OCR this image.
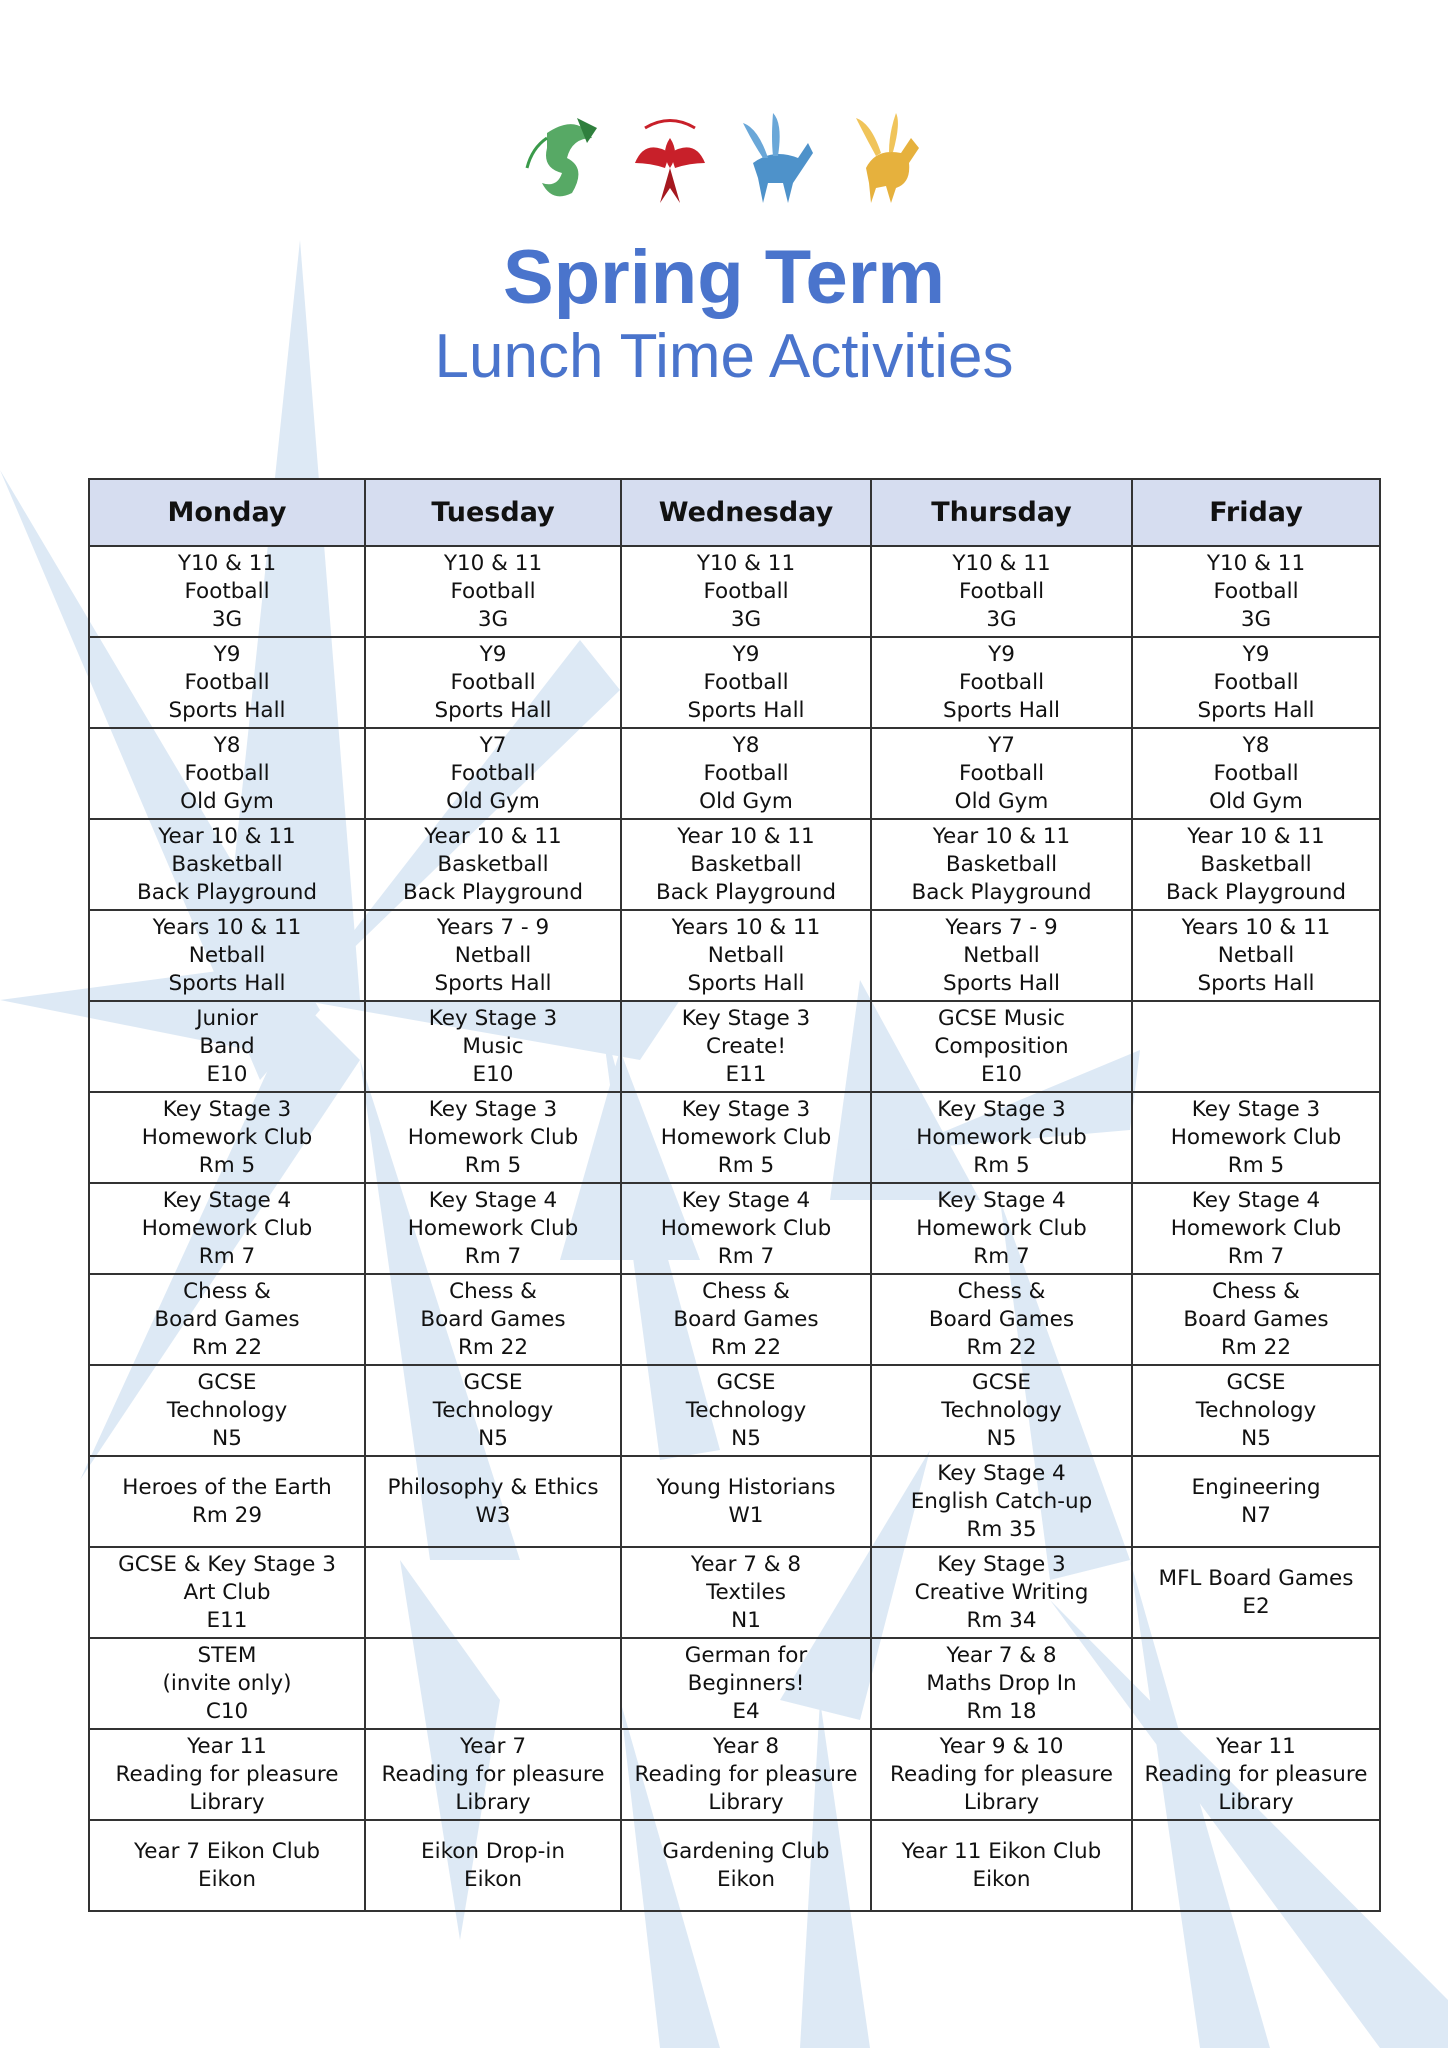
Spring Term
Lunch Time Activities
Monday	Tuesday	Wednesday	Thursday	Friday

Y10 & 11
Football
3G	Y10 & 11
Football
3G	Y10 & 11
Football
3G	Y10 & 11
Football
3G	Y10 & 11
Football
3G

Y9
Football
Sports Hall	Y9
Football
Sports Hall	Y9
Football
Sports Hall	Y9
Football
Sports Hall	Y9
Football
Sports Hall

Y8
Football
Old Gym	Y7
Football
Old Gym	Y8
Football
Old Gym	Y7
Football
Old Gym	Y8
Football
Old Gym

Year 10 & 11
Basketball
Back Playground	Year 10 & 11
Basketball
Back Playground	Year 10 & 11
Basketball
Back Playground	Year 10 & 11
Basketball
Back Playground	Year 10 & 11
Basketball
Back Playground

Years 10 & 11
Netball
Sports Hall	Years 7 - 9
Netball
Sports Hall	Years 10 & 11
Netball
Sports Hall	Years 7 - 9
Netball
Sports Hall	Years 10 & 11
Netball
Sports Hall

Junior
Band
E10	Key Stage 3
Music
E10	Key Stage 3
Create!
E11	GCSE Music
Composition
E10	

Key Stage 3
Homework Club
Rm 5	Key Stage 3
Homework Club
Rm 5	Key Stage 3
Homework Club
Rm 5	Key Stage 3
Homework Club
Rm 5	Key Stage 3
Homework Club
Rm 5

Key Stage 4
Homework Club
Rm 7	Key Stage 4
Homework Club
Rm 7	Key Stage 4
Homework Club
Rm 7	Key Stage 4
Homework Club
Rm 7	Key Stage 4
Homework Club
Rm 7

Chess &
Board Games
Rm 22	Chess &
Board Games
Rm 22	Chess &
Board Games
Rm 22	Chess &
Board Games
Rm 22	Chess &
Board Games
Rm 22

GCSE
Technology
N5	GCSE
Technology
N5	GCSE
Technology
N5	GCSE
Technology
N5	GCSE
Technology
N5

Heroes of the Earth
Rm 29	Philosophy & Ethics
W3	Young Historians
W1	Key Stage 4
English Catch-up
Rm 35	Engineering
N7

GCSE & Key Stage 3
Art Club
E11		Year 7 & 8
Textiles
N1	Key Stage 3
Creative Writing
Rm 34	MFL Board Games
E2

STEM
(invite only)
C10		German for
Beginners!
E4	Year 7 & 8
Maths Drop In
Rm 18	

Year 11
Reading for pleasure
Library	Year 7
Reading for pleasure
Library	Year 8
Reading for pleasure
Library	Year 9 & 10
Reading for pleasure
Library	Year 11
Reading for pleasure
Library

Year 7 Eikon Club
Eikon	Eikon Drop-in
Eikon	Gardening Club
Eikon	Year 11 Eikon Club
Eikon	
